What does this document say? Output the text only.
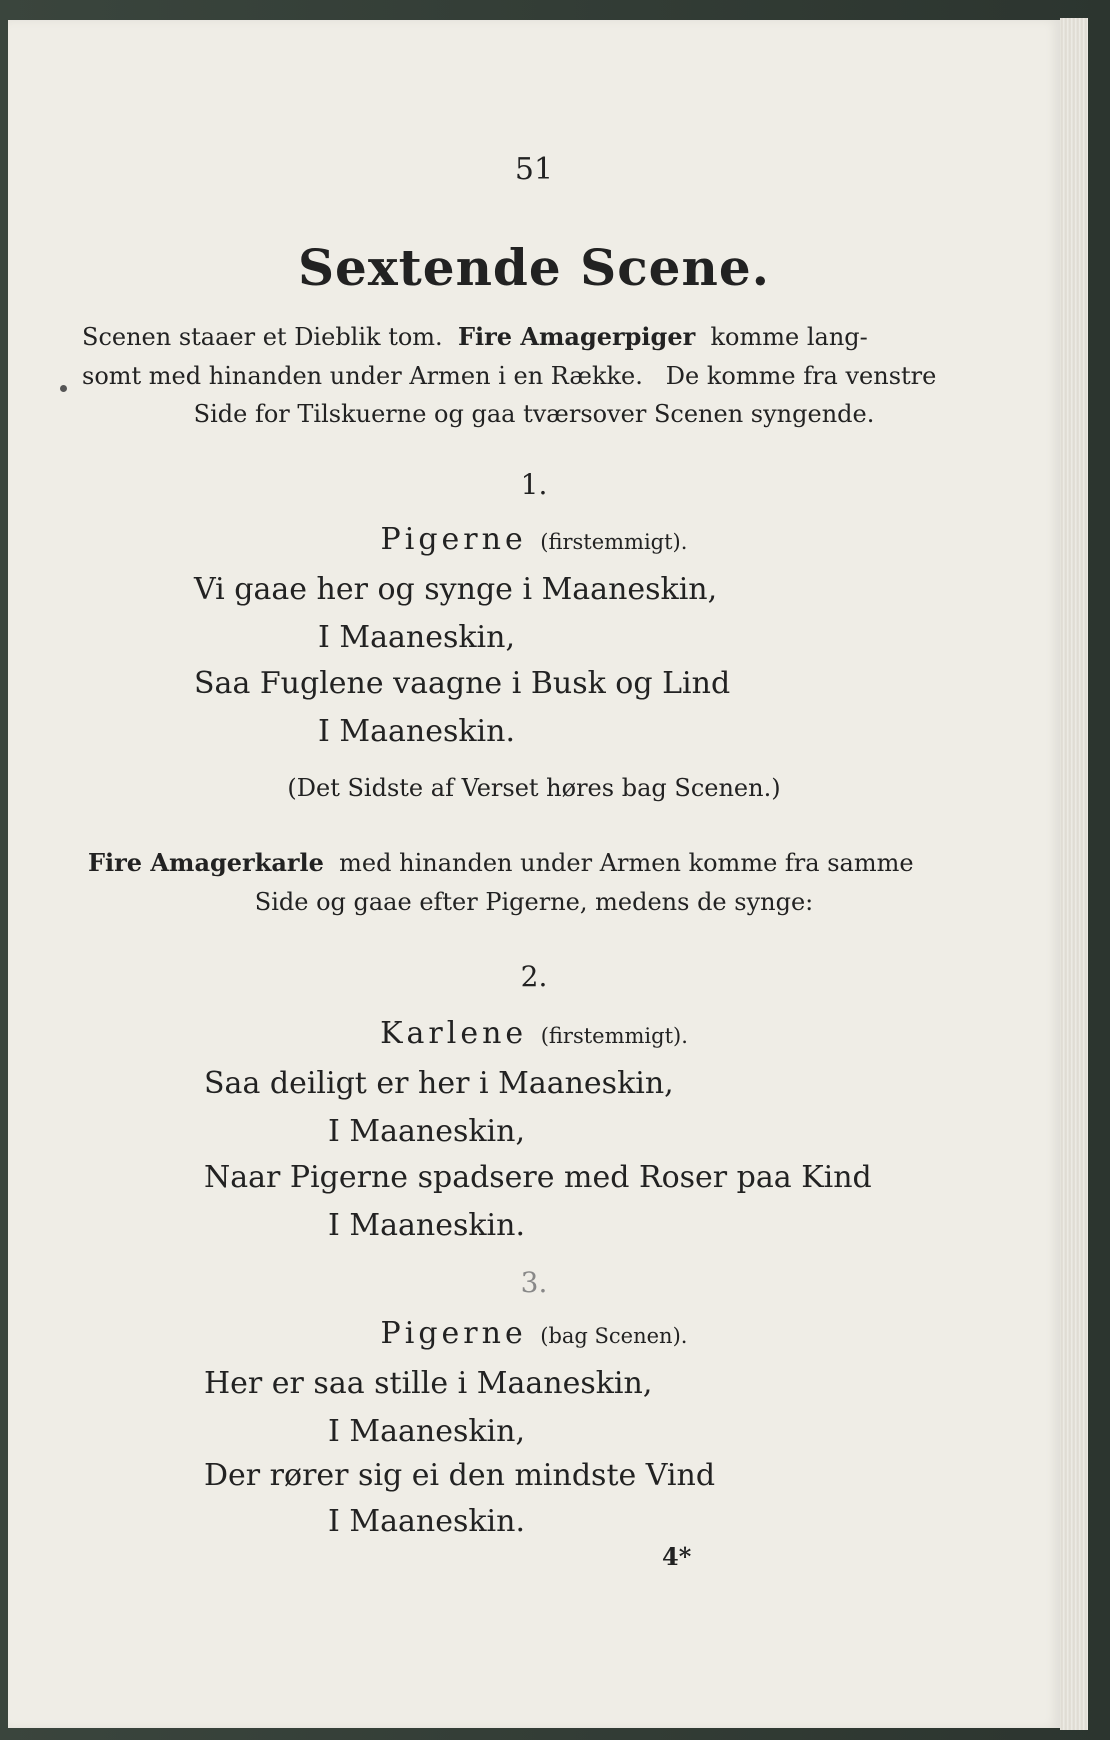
51
Sextende Scene.
Scenen staaer et Dieblik tom. Fire Amagerpiger komme lang-
somt med hinanden under Armen i en Række. De komme fra venstre
Side for Tilskuerne og gaa tværsover Scenen syngende.
1.
Pigerne (firstemmigt).
Vi gaae her og synge i Maaneskin,
I Maaneskin,
Saa Fuglene vaagne i Busk og Lind
I Maaneskin.
(Det Sidste af Verset høres bag Scenen.)
Fire Amagerkarle med hinanden under Armen komme fra samme
Side og gaae efter Pigerne, medens de synge:
2.
Karlene (firstemmigt).
Saa deiligt er her i Maaneskin,
I Maaneskin,
Naar Pigerne spadsere med Roser paa Kind
I Maaneskin.
3.
Pigerne (bag Scenen).
Her er saa stille i Maaneskin,
I Maaneskin,
Der rører sig ei den mindste Vind
I Maaneskin.
4*
